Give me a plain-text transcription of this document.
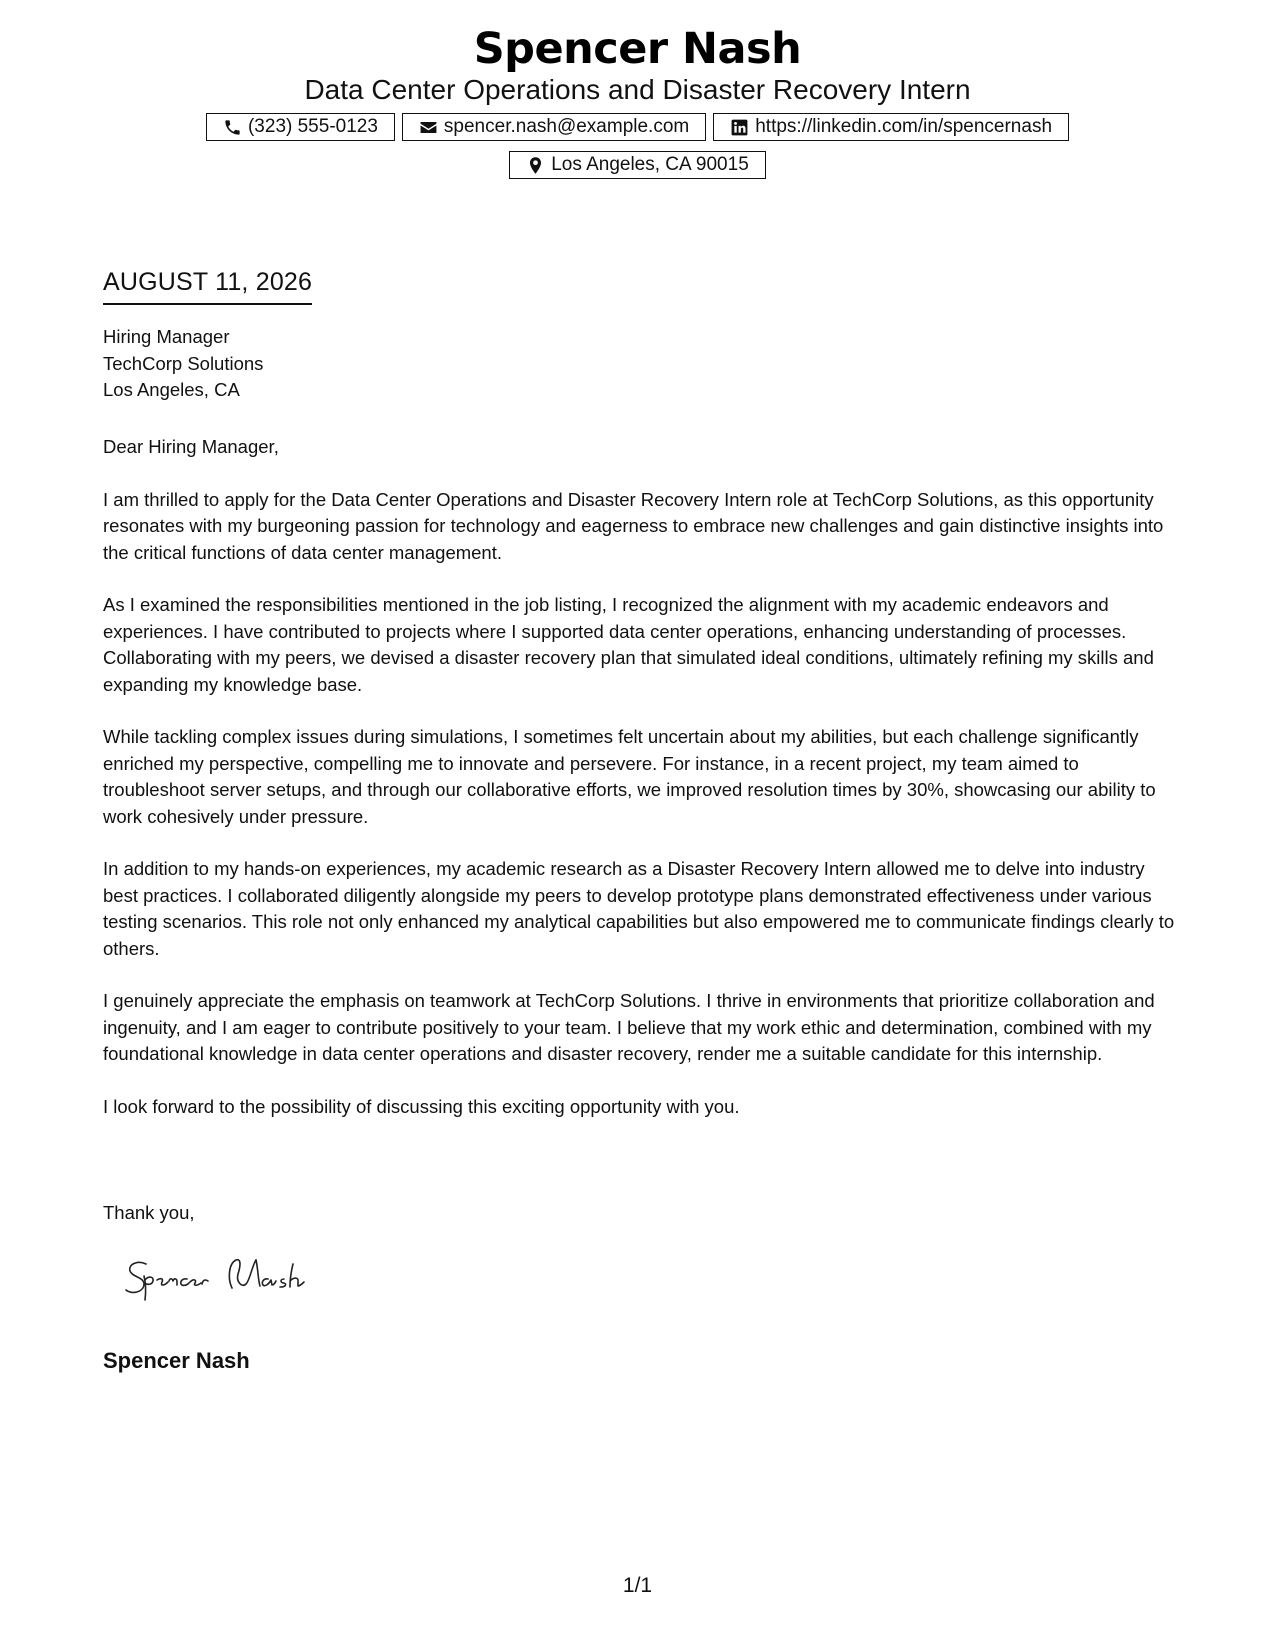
Spencer Nash
Data Center Operations and Disaster Recovery Intern
(323) 555-0123	spencer.nash@example.com	https://linkedin.com/in/spencernash
Los Angeles, CA 90015
AUGUST 11, 2026
Hiring Manager
TechCorp Solutions
Los Angeles, CA

Dear Hiring Manager,

I am thrilled to apply for the Data Center Operations and Disaster Recovery Intern role at TechCorp Solutions, as this opportunity resonates with my burgeoning passion for technology and eagerness to embrace new challenges and gain distinctive insights into the critical functions of data center management.

As I examined the responsibilities mentioned in the job listing, I recognized the alignment with my academic endeavors and experiences. I have contributed to projects where I supported data center operations, enhancing understanding of processes. Collaborating with my peers, we devised a disaster recovery plan that simulated ideal conditions, ultimately refining my skills and expanding my knowledge base.

While tackling complex issues during simulations, I sometimes felt uncertain about my abilities, but each challenge significantly enriched my perspective, compelling me to innovate and persevere. For instance, in a recent project, my team aimed to troubleshoot server setups, and through our collaborative efforts, we improved resolution times by 30%, showcasing our ability to work cohesively under pressure.

In addition to my hands-on experiences, my academic research as a Disaster Recovery Intern allowed me to delve into industry best practices. I collaborated diligently alongside my peers to develop prototype plans demonstrated effectiveness under various testing scenarios. This role not only enhanced my analytical capabilities but also empowered me to communicate findings clearly to others.

I genuinely appreciate the emphasis on teamwork at TechCorp Solutions. I thrive in environments that prioritize collaboration and ingenuity, and I am eager to contribute positively to your team. I believe that my work ethic and determination, combined with my foundational knowledge in data center operations and disaster recovery, render me a suitable candidate for this internship.

I look forward to the possibility of discussing this exciting opportunity with you.

Thank you,
Spencer Nash
1/1
